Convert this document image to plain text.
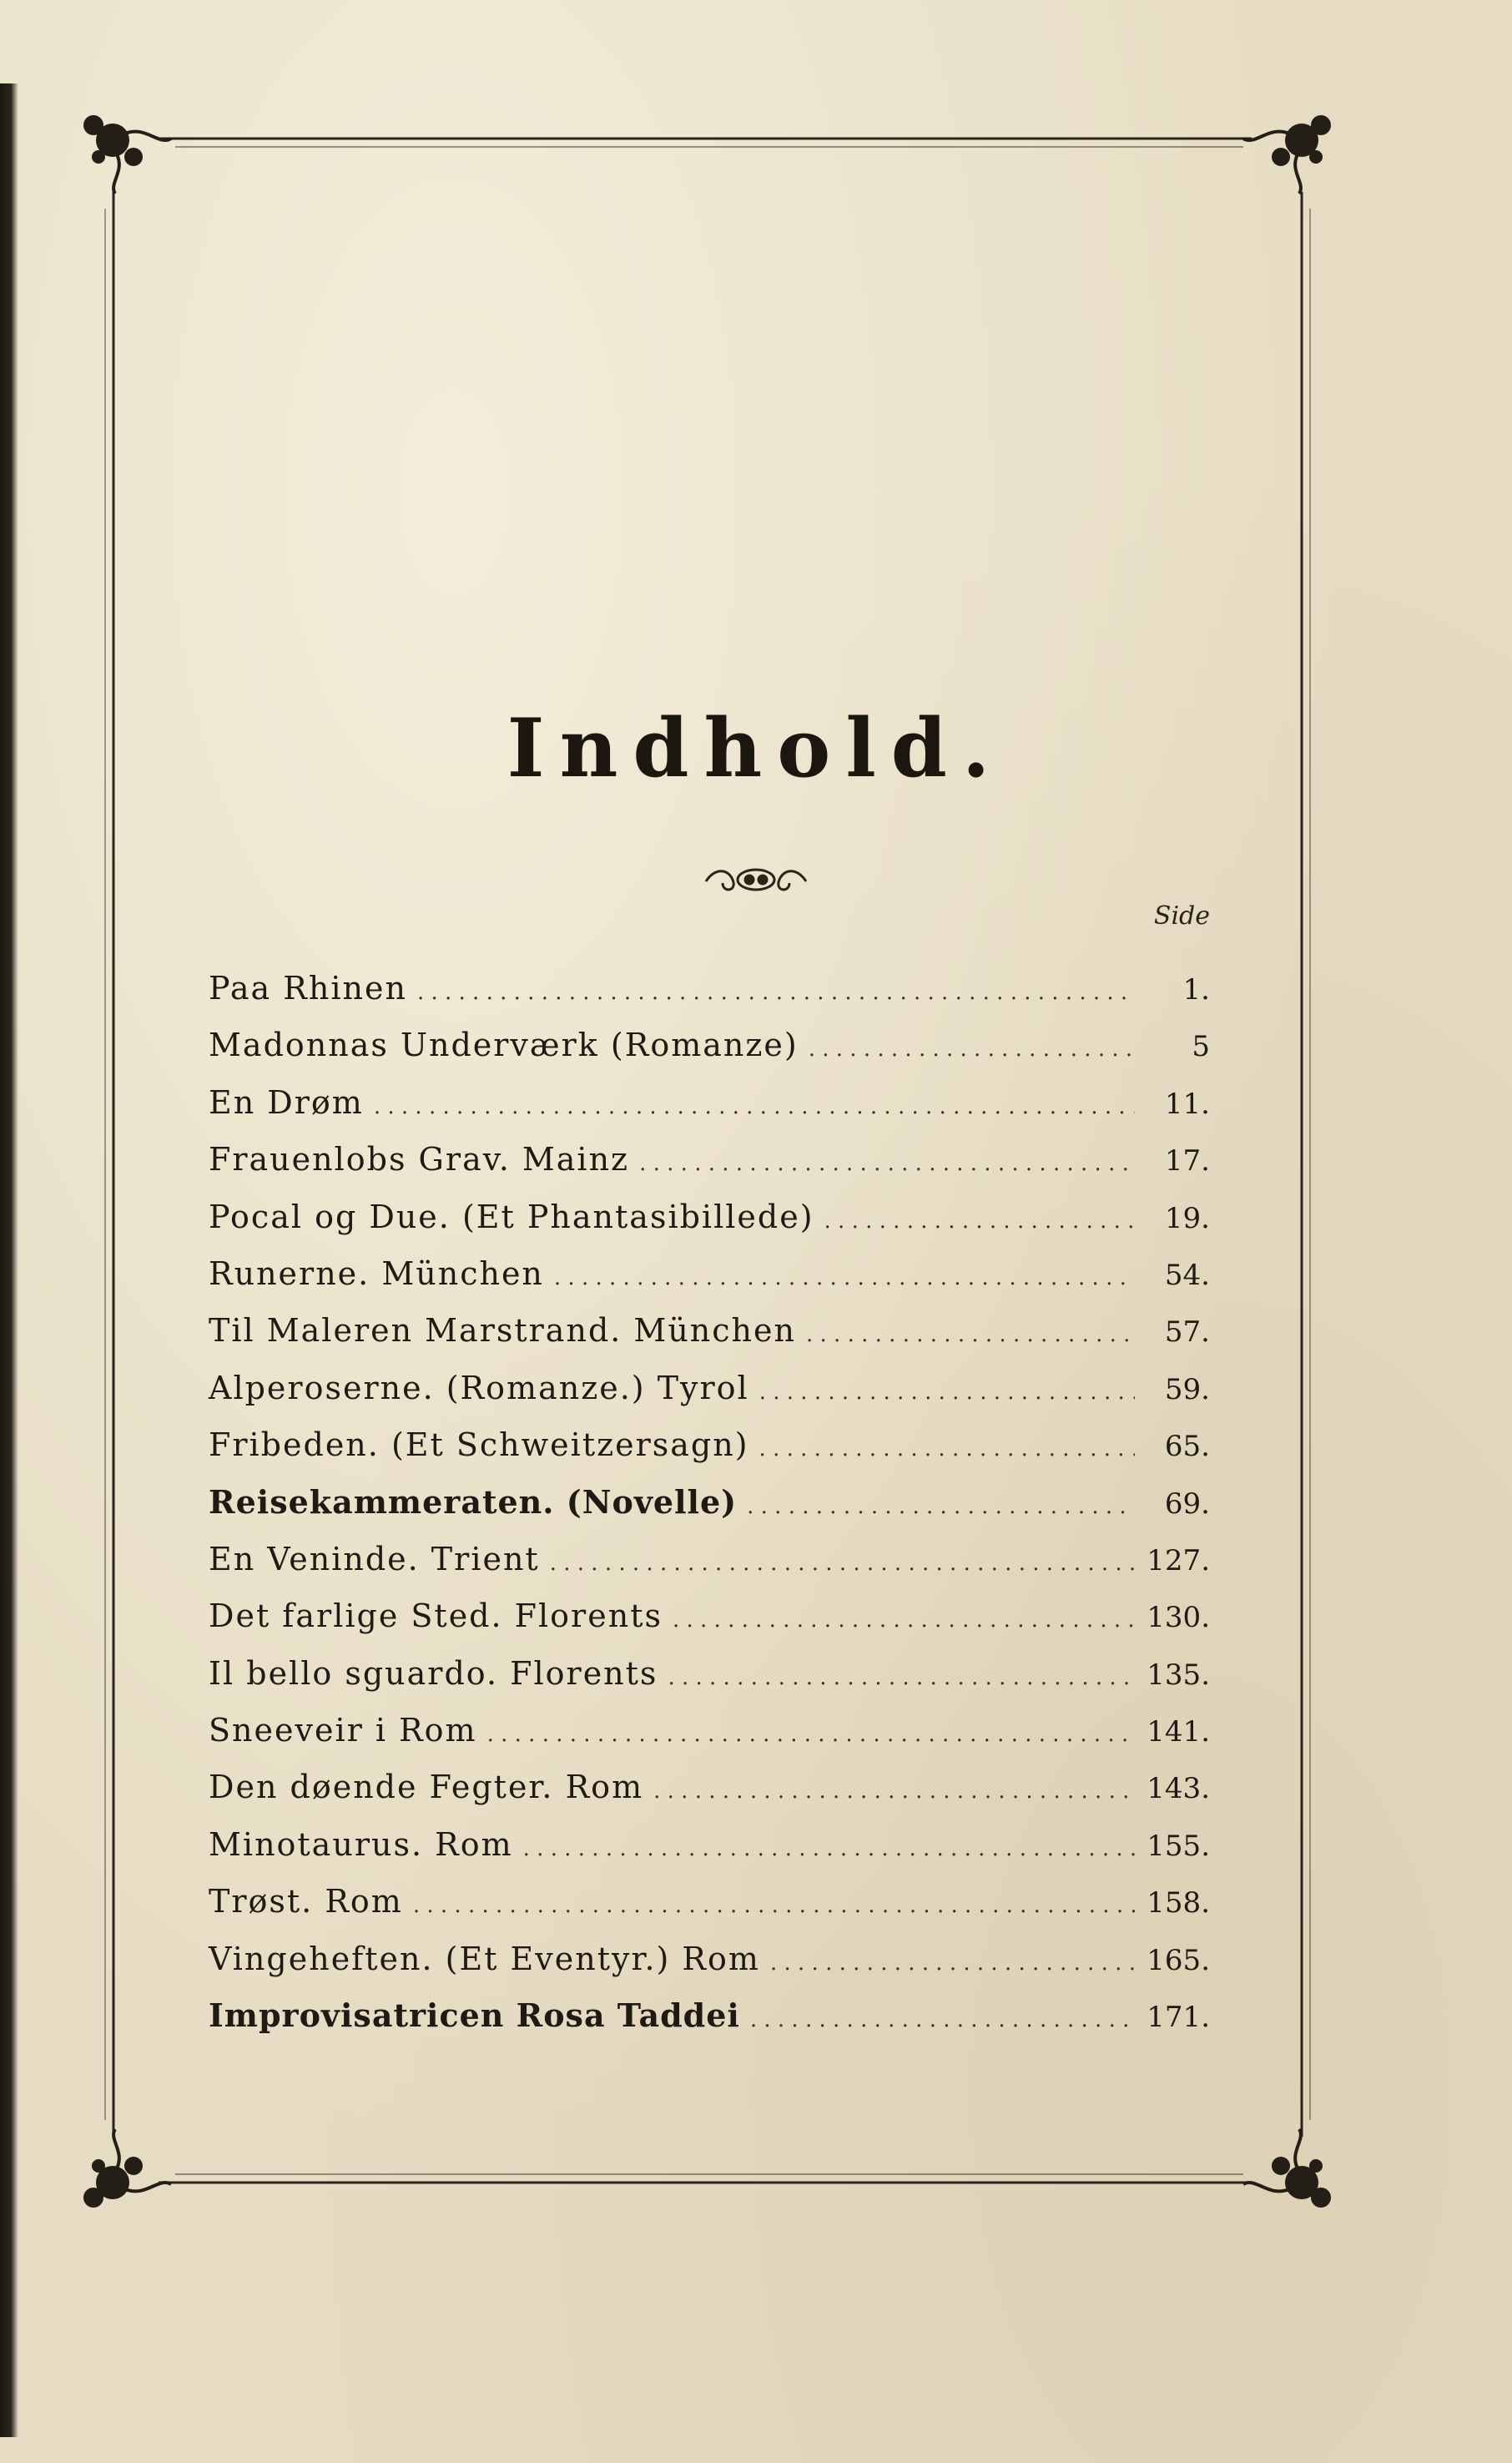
Indhold.
Side
Paa Rhinen . . .	1.
Madonnas Underværk (Romanze) . . .	5
En Drøm . . .	11.
Frauenlobs Grav. Mainz . . .	17.
Pocal og Due. (Et Phantasibillede) . . .	19.
Runerne. München . . .	54.
Til Maleren Marstrand. München . . .	57.
Alperoserne. (Romanze.) Tyrol . . .	59.
Fribeden. (Et Schweitzersagn) . . .	65.
Reisekammeraten. (Novelle) . . .	69.
En Veninde. Trient . . .	127.
Det farlige Sted. Florents . . .	130.
Il bello sguardo. Florents . . .	135.
Sneeveir i Rom . . .	141.
Den døende Fegter. Rom . . .	143.
Minotaurus. Rom . . .	155.
Trøst. Rom . . .	158.
Vingeheften. (Et Eventyr.) Rom . . .	165.
Improvisatricen Rosa Taddei . . .	171.
